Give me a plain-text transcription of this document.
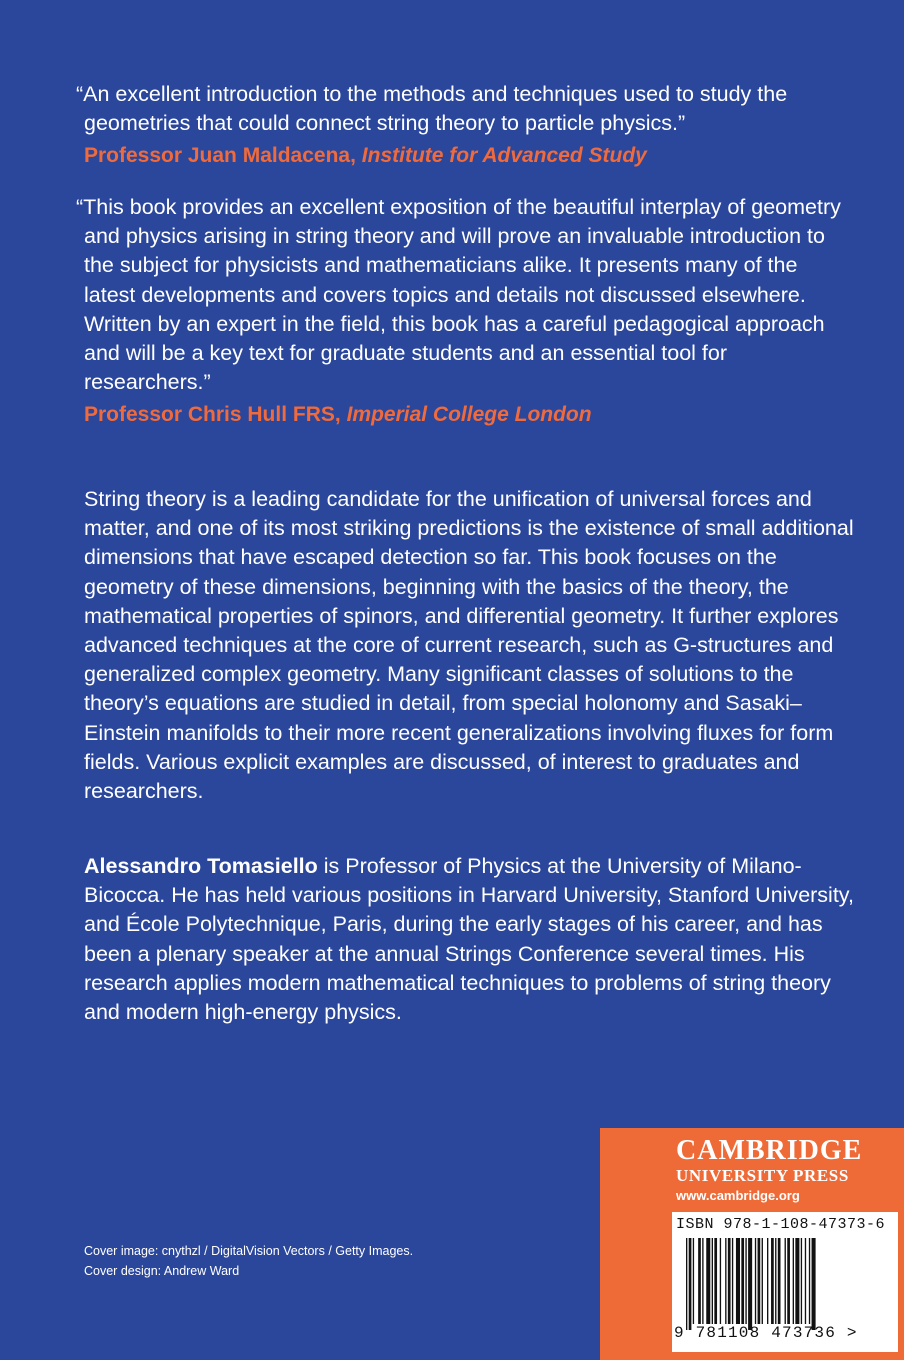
“An excellent introduction to the methods and techniques used to study the geometries that could connect string theory to particle physics.”
Professor Juan Maldacena, Institute for Advanced Study
“This book provides an excellent exposition of the beautiful interplay of geometry and physics arising in string theory and will prove an invaluable introduction to the subject for physicists and mathematicians alike. It presents many of the latest developments and covers topics and details not discussed elsewhere. Written by an expert in the field, this book has a careful pedagogical approach and will be a key text for graduate students and an essential tool for researchers.”
Professor Chris Hull FRS, Imperial College London
String theory is a leading candidate for the unification of universal forces and matter, and one of its most striking predictions is the existence of small additional dimensions that have escaped detection so far. This book focuses on the geometry of these dimensions, beginning with the basics of the theory, the mathematical properties of spinors, and differential geometry. It further explores advanced techniques at the core of current research, such as G-structures and generalized complex geometry. Many significant classes of solutions to the theory’s equations are studied in detail, from special holonomy and Sasaki–Einstein manifolds to their more recent generalizations involving fluxes for form fields. Various explicit examples are discussed, of interest to graduates and researchers.
Alessandro Tomasiello is Professor of Physics at the University of Milano-Bicocca. He has held various positions in Harvard University, Stanford University, and École Polytechnique, Paris, during the early stages of his career, and has been a plenary speaker at the annual Strings Conference several times. His research applies modern mathematical techniques to problems of string theory and modern high-energy physics.
Cover image: cnythzl / DigitalVision Vectors / Getty Images.
Cover design: Andrew Ward
CAMBRIDGE
UNIVERSITY PRESS
www.cambridge.org
ISBN 978-1-108-47373-6
9 781108 473736 >
